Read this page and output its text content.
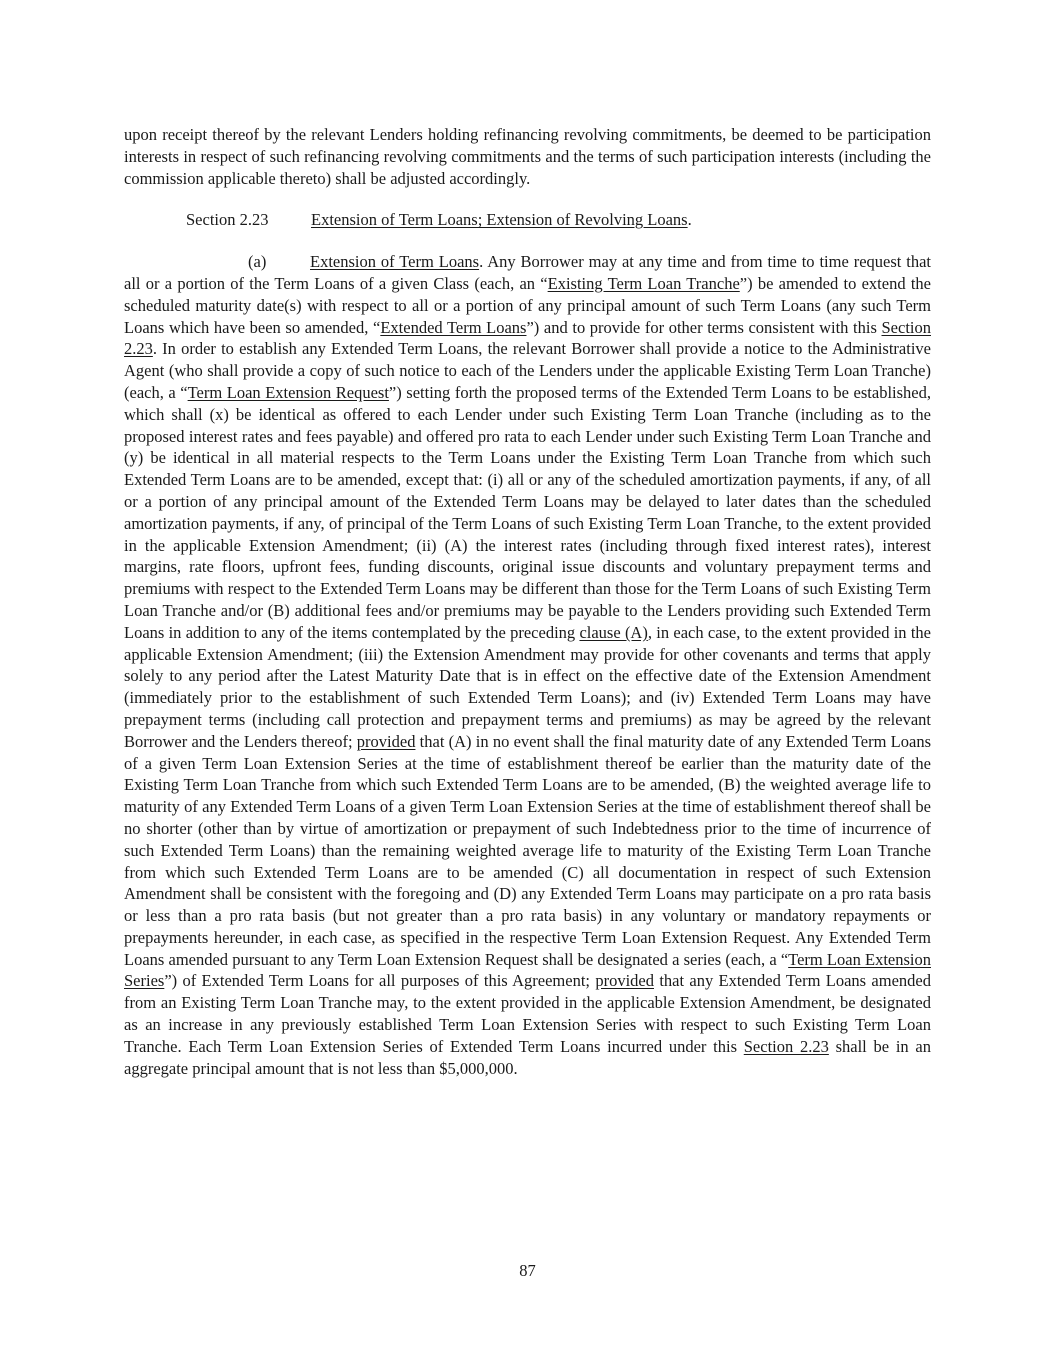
upon receipt thereof by the relevant Lenders holding refinancing revolving commitments, be deemed to be participation interests in respect of such refinancing revolving commitments and the terms of such participation interests (including the commission applicable thereto) shall be adjusted accordingly.

Section 2.23	Extension of Term Loans; Extension of Revolving Loans.

(a)	Extension of Term Loans. Any Borrower may at any time and from time to time request that all or a portion of the Term Loans of a given Class (each, an “Existing Term Loan Tranche”) be amended to extend the scheduled maturity date(s) with respect to all or a portion of any principal amount of such Term Loans (any such Term Loans which have been so amended, “Extended Term Loans”) and to provide for other terms consistent with this Section 2.23. In order to establish any Extended Term Loans, the relevant Borrower shall provide a notice to the Administrative Agent (who shall provide a copy of such notice to each of the Lenders under the applicable Existing Term Loan Tranche) (each, a “Term Loan Extension Request”) setting forth the proposed terms of the Extended Term Loans to be established, which shall (x) be identical as offered to each Lender under such Existing Term Loan Tranche (including as to the proposed interest rates and fees payable) and offered pro rata to each Lender under such Existing Term Loan Tranche and (y) be identical in all material respects to the Term Loans under the Existing Term Loan Tranche from which such Extended Term Loans are to be amended, except that: (i) all or any of the scheduled amortization payments, if any, of all or a portion of any principal amount of the Extended Term Loans may be delayed to later dates than the scheduled amortization payments, if any, of principal of the Term Loans of such Existing Term Loan Tranche, to the extent provided in the applicable Extension Amendment; (ii) (A) the interest rates (including through fixed interest rates), interest margins, rate floors, upfront fees, funding discounts, original issue discounts and voluntary prepayment terms and premiums with respect to the Extended Term Loans may be different than those for the Term Loans of such Existing Term Loan Tranche and/or (B) additional fees and/or premiums may be payable to the Lenders providing such Extended Term Loans in addition to any of the items contemplated by the preceding clause (A), in each case, to the extent provided in the applicable Extension Amendment; (iii) the Extension Amendment may provide for other covenants and terms that apply solely to any period after the Latest Maturity Date that is in effect on the effective date of the Extension Amendment (immediately prior to the establishment of such Extended Term Loans); and (iv) Extended Term Loans may have prepayment terms (including call protection and prepayment terms and premiums) as may be agreed by the relevant Borrower and the Lenders thereof; provided that (A) in no event shall the final maturity date of any Extended Term Loans of a given Term Loan Extension Series at the time of establishment thereof be earlier than the maturity date of the Existing Term Loan Tranche from which such Extended Term Loans are to be amended, (B) the weighted average life to maturity of any Extended Term Loans of a given Term Loan Extension Series at the time of establishment thereof shall be no shorter (other than by virtue of amortization or prepayment of such Indebtedness prior to the time of incurrence of such Extended Term Loans) than the remaining weighted average life to maturity of the Existing Term Loan Tranche from which such Extended Term Loans are to be amended (C) all documentation in respect of such Extension Amendment shall be consistent with the foregoing and (D) any Extended Term Loans may participate on a pro rata basis or less than a pro rata basis (but not greater than a pro rata basis) in any voluntary or mandatory repayments or prepayments hereunder, in each case, as specified in the respective Term Loan Extension Request. Any Extended Term Loans amended pursuant to any Term Loan Extension Request shall be designated a series (each, a “Term Loan Extension Series”) of Extended Term Loans for all purposes of this Agreement; provided that any Extended Term Loans amended from an Existing Term Loan Tranche may, to the extent provided in the applicable Extension Amendment, be designated as an increase in any previously established Term Loan Extension Series with respect to such Existing Term Loan Tranche. Each Term Loan Extension Series of Extended Term Loans incurred under this Section 2.23 shall be in an aggregate principal amount that is not less than $5,000,000.

87
